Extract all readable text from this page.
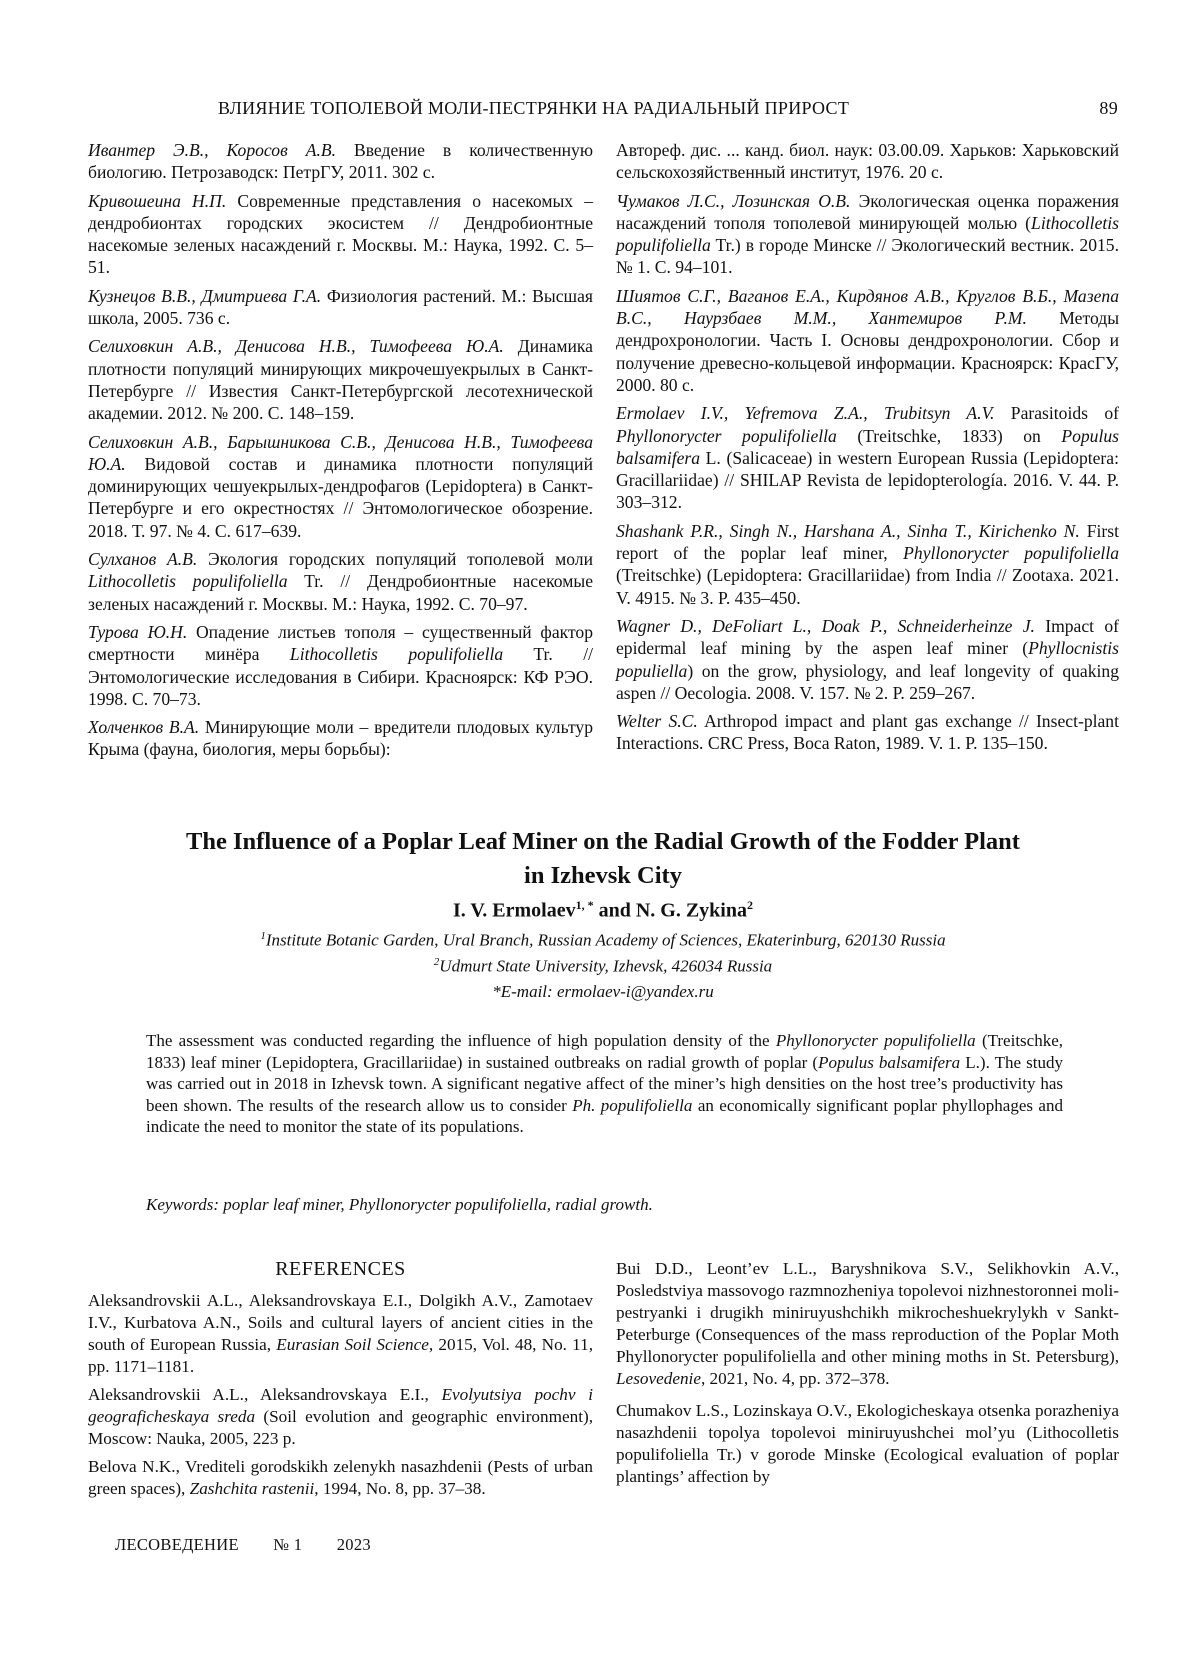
ВЛИЯНИЕ ТОПОЛЕВОЙ МОЛИ-ПЕСТРЯНКИ НА РАДИАЛЬНЫЙ ПРИРОСТ	89

Ивантер Э.В., Коросов А.В. Введение в количествен­ную биологию. Петрозаводск: ПетрГУ, 2011. 302 с.

Кривошеина Н.П. Современные представления о насе­комых – дендробионтах городских экосистем // Денд­робионтные насекомые зеленых насаждений г. Моск­вы. М.: Наука, 1992. С. 5–51.

Кузнецов В.В., Дмитриева Г.А. Физиология растений. М.: Высшая школа, 2005. 736 с.

Селиховкин А.В., Денисова Н.В., Тимофеева Ю.А. Дина­мика плотности популяций минирующих микроче­шуекрылых в Санкт-Петербурге // Известия Санкт-Петербургской лесотехнической академии. 2012. № 200. С. 148–159.

Селиховкин А.В., Барышникова С.В., Денисова Н.В., Ти­мофеева Ю.А. Видовой состав и динамика плотности популяций доминирующих чешуекрылых-дендрофа­гов (Lepidoptera) в Санкт-Петербурге и его окрестно­стях // Энтомологическое обозрение. 2018. Т. 97. № 4. С. 617–639.

Сулханов А.В. Экология городских популяций тополе­вой моли Lithocolletis populifoliella Tr. // Дендробионт­ные насекомые зеленых насаждений г. Москвы. М.: Наука, 1992. С. 70–97.

Турова Ю.Н. Опадение листьев тополя – существен­ный фактор смертности минёра Lithocolletis populifoliel­la Tr. // Энтомологические исследования в Сибири. Красноярск: КФ РЭО. 1998. С. 70–73.

Холченков В.А. Минирующие моли – вредители плодо­вых культур Крыма (фауна, биология, меры борьбы):

Автореф. дис. ... канд. биол. наук: 03.00.09. Харьков: Харьковский сельскохозяйственный институт, 1976. 20 с.

Чумаков Л.С., Лозинская О.В. Экологическая оценка поражения насаждений тополя тополевой минирую­щей молью (Lithocolletis populifoliella Tr.) в городе Мин­ске // Экологический вестник. 2015. № 1. С. 94–101.

Шиятов С.Г., Ваганов Е.А., Кирдянов А.В., Круглов В.Б., Мазепа В.С., Наурзбаев М.М., Хантемиров Р.М. Мето­ды дендрохронологии. Часть I. Основы дендрохроно­логии. Сбор и получение древесно-кольцевой инфор­мации. Красноярск: КрасГУ, 2000. 80 с.

Ermolaev I.V., Yefremova Z.A., Trubitsyn A.V. Parasitoids of Phyllonorycter populifoliella (Treitschke, 1833) on Populus balsamifera L. (Salicaceae) in western European Russia (Lepidoptera: Gracillariidae) // SHILAP Revista de lepi­dopterología. 2016. V. 44. P. 303–312.

Shashank P.R., Singh N., Harshana A., Sinha T., Kirichenko N. First report of the poplar leaf miner, Phyllonorycter populi­foliella (Treitschke) (Lepidoptera: Gracillariidae) from In­dia // Zootaxa. 2021. V. 4915. № 3. P. 435–450.

Wagner D., DeFoliart L., Doak P., Schneiderheinze J. Impact of epidermal leaf mining by the aspen leaf miner (Phyl­locnistis populiella) on the grow, physiology, and leaf lon­gevity of quaking aspen // Oecologia. 2008. V. 157. № 2. P. 259–267.

Welter S.C. Arthropod impact and plant gas exchange // In­sect-plant Interactions. CRC Press, Boca Raton, 1989. V. 1. P. 135–150.

The Influence of a Poplar Leaf Miner on the Radial Growth of the Fodder Plant
in Izhevsk City
I. V. Ermolaev1, * and N. G. Zykina2
1Institute Botanic Garden, Ural Branch, Russian Academy of Sciences, Ekaterinburg, 620130 Russia
2Udmurt State University, Izhevsk, 426034 Russia
*E-mail: ermolaev-i@yandex.ru
The assessment was conducted regarding the influence of high population density of the Phyllonorycter pop­ulifoliella (Treitschke, 1833) leaf miner (Lepidoptera, Gracillariidae) in sustained outbreaks on radial growth of poplar (Populus balsamifera L.). The study was carried out in 2018 in Izhevsk town. A significant negative affect of the miner’s high densities on the host tree’s productivity has been shown. The results of the research allow us to consider Ph. populifoliella an economically significant poplar phyllophages and indicate the need to monitor the state of its populations.
Keywords: poplar leaf miner, Phyllonorycter populifoliella, radial growth.
REFERENCES

Aleksandrovskii A.L., Aleksandrovskaya E.I., Dolgikh A.V., Zamotaev I.V., Kurbatova A.N., Soils and cultural layers of ancient cities in the south of European Russia, Eurasian Soil Science, 2015, Vol. 48, No. 11, pp. 1171–1181.

Aleksandrovskii A.L., Aleksandrovskaya E.I., Evolyutsiya pochv i geograficheskaya sreda (Soil evolution and geograph­ic environment), Moscow: Nauka, 2005, 223 p.

Belova N.K., Vrediteli gorodskikh zelenykh nasazhdenii (Pests of urban green spaces), Zashchita rastenii, 1994, No. 8, pp. 37–38.

Bui D.D., Leont’ev L.L., Baryshnikova S.V., Selikhovkin A.V., Posledstviya massovogo razmnozheniya topolevoi nizh­nestoronnei moli-pestryanki i drugikh miniruyushchikh mikrocheshuekrylykh v Sankt-Peterburge (Consequences of the mass reproduction of the Poplar Moth Phyllonoryc­ter populifoliella and other mining moths in St. Petersburg), Lesovedenie, 2021, No. 4, pp. 372–378.

Chumakov L.S., Lozinskaya O.V., Ekologicheskaya otsen­ka porazheniya nasazhdenii topolya topolevoi miniruyush­chei mol’yu (Lithocolletis populifoliella Tr.) v gorode Min­ske (Ecological evaluation of poplar plantings’ affection by

ЛЕСОВЕДЕНИЕ № 1 2023
